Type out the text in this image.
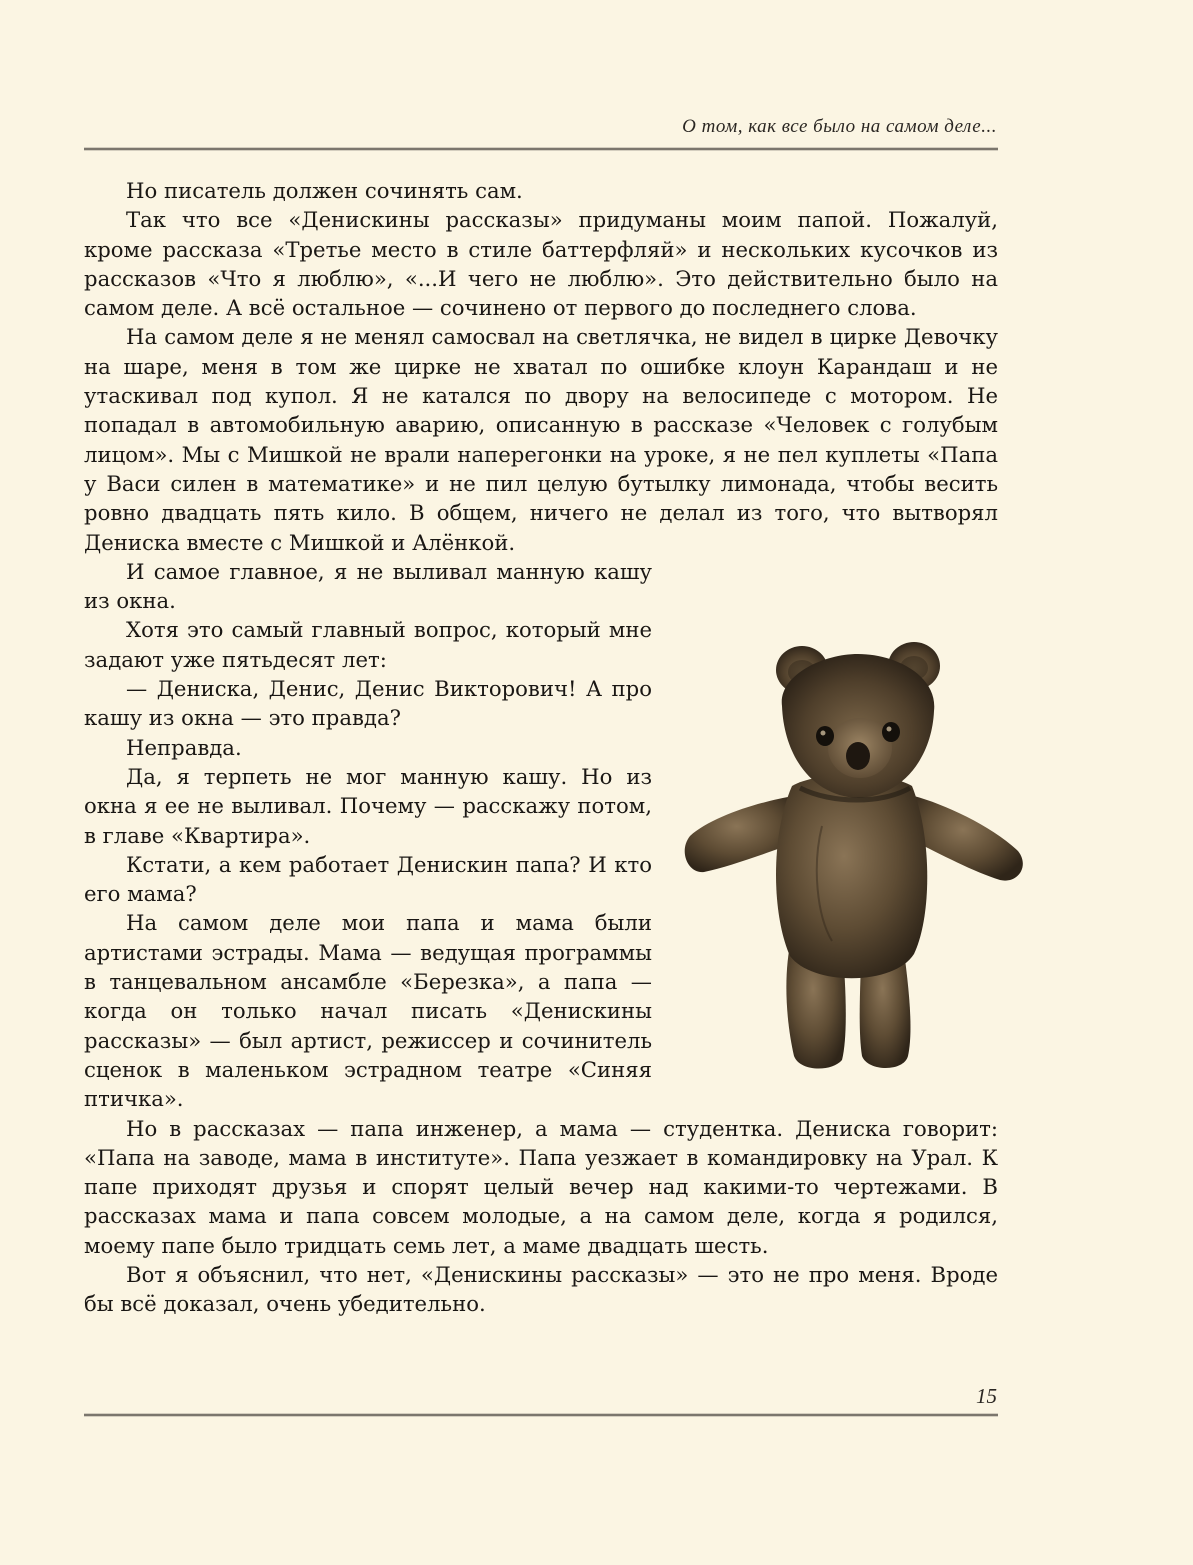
О том, как все было на самом деле...

Но писатель должен сочинять сам.

Так что все «Денискины рассказы» придуманы моим папой. Пожалуй, кроме рассказа «Третье место в стиле баттерфляй» и нескольких кусочков из рассказов «Что я люблю», «...И чего не люблю». Это действительно было на самом деле. А всё остальное — сочинено от первого до последнего слова.

На самом деле я не менял самосвал на светлячка, не видел в цирке Девочку на шаре, меня в том же цирке не хватал по ошибке клоун Карандаш и не утаскивал под купол. Я не катался по двору на велосипеде с мотором. Не попадал в автомобильную аварию, описанную в рассказе «Человек с голубым лицом». Мы с Мишкой не врали наперегонки на уроке, я не пел куплеты «Папа у Васи силен в математике» и не пил целую бутылку лимонада, чтобы весить ровно двадцать пять кило. В общем, ничего не делал из того, что вытворял Дениска вместе с Мишкой и Алёнкой.

И самое главное, я не выливал манную кашу из окна.

Хотя это самый главный вопрос, который мне задают уже пятьдесят лет:

— Дениска, Денис, Денис Викторович! А про кашу из окна — это правда?

Неправда.

Да, я терпеть не мог манную кашу. Но из окна я ее не выливал. Почему — расскажу потом, в главе «Квартира».

Кстати, а кем работает Денискин папа? И кто его мама?

На самом деле мои папа и мама были артистами эстрады. Мама — ведущая программы в танцевальном ансамбле «Березка», а папа — когда он только начал писать «Денискины рассказы» — был артист, режиссер и сочинитель сценок в маленьком эстрадном театре «Синяя птичка».

Но в рассказах — папа инженер, а мама — студентка. Дениска говорит: «Папа на заводе, мама в институте». Папа уезжает в командировку на Урал. К папе приходят друзья и спорят целый вечер над какими-то чертежами. В рассказах мама и папа совсем молодые, а на самом деле, когда я родился, моему папе было тридцать семь лет, а маме двадцать шесть.

Вот я объяснил, что нет, «Денискины рассказы» — это не про меня. Вроде бы всё доказал, очень убедительно.

15
